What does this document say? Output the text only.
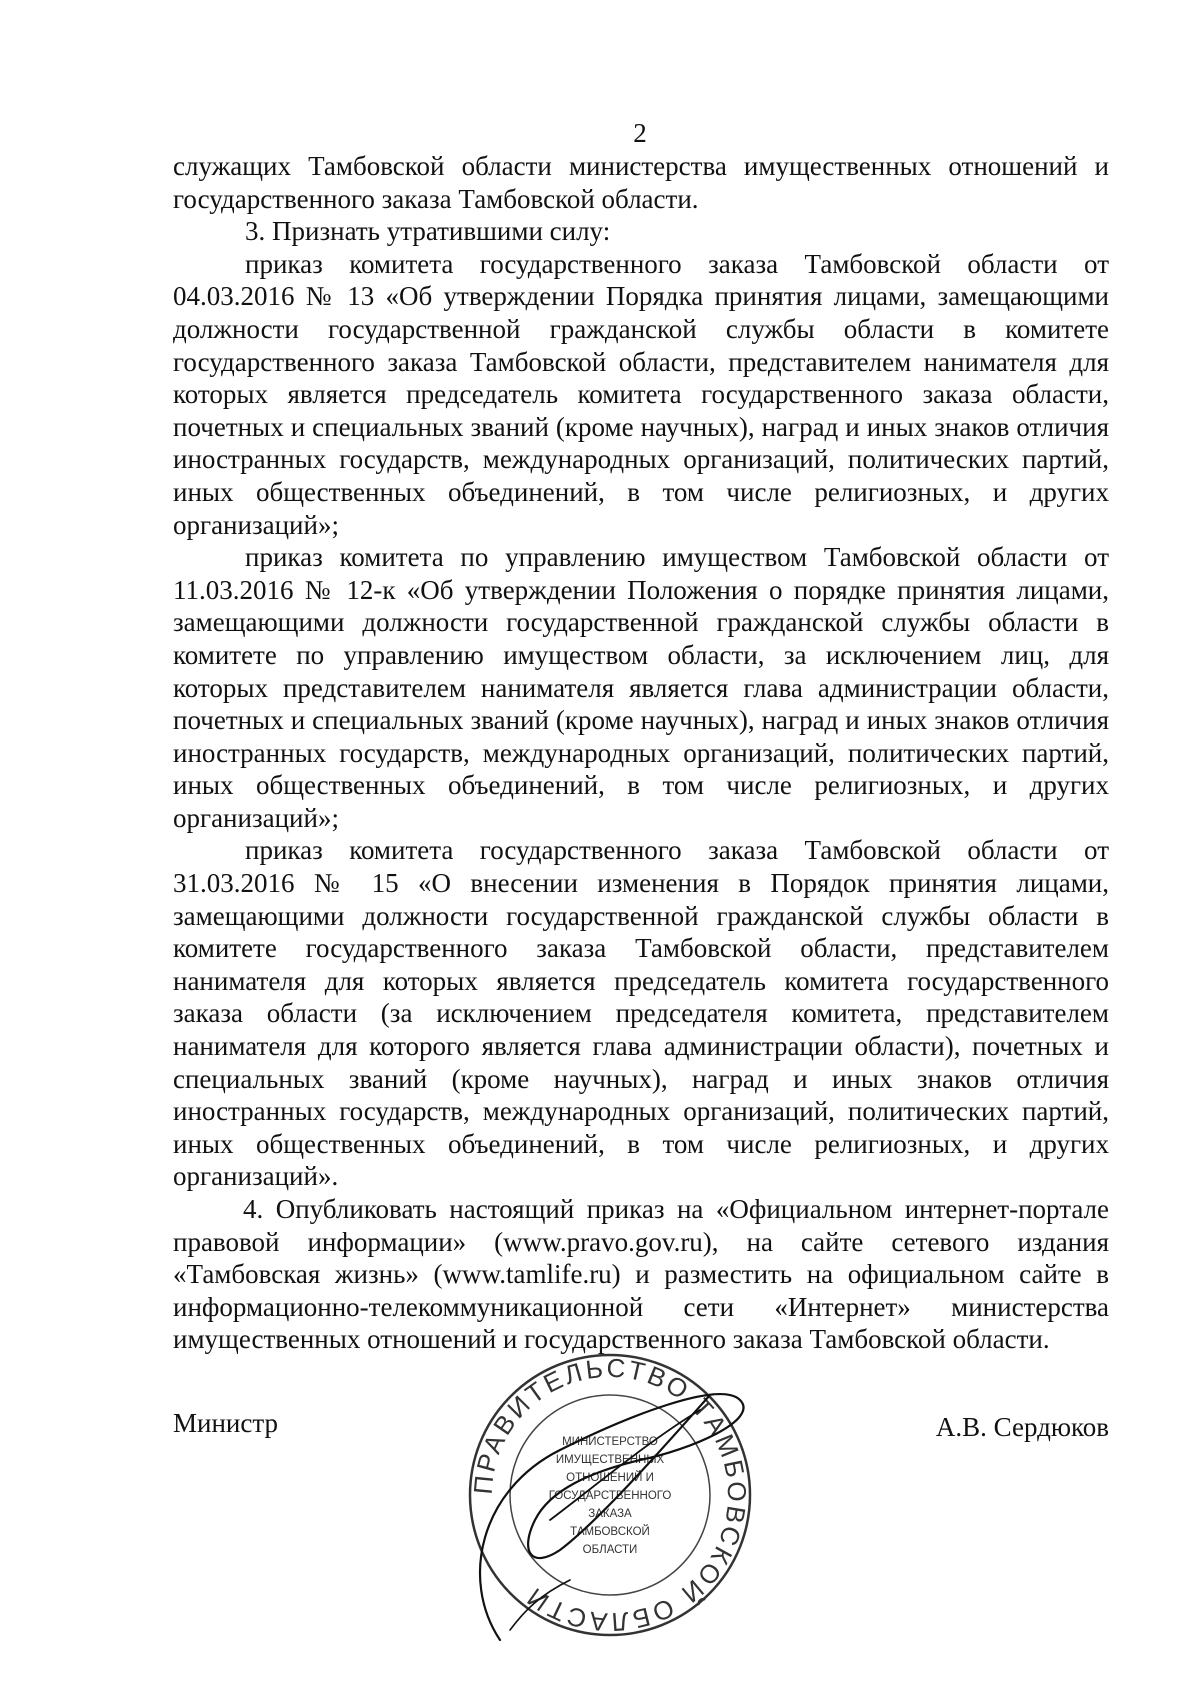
2

служащих Тамбовской области министерства имущественных отношений и государственного заказа Тамбовской области.

3. Признать утратившими силу:

приказ комитета государственного заказа Тамбовской области от 04.03.2016 № 13 «Об утверждении Порядка принятия лицами, замещающими должности государственной гражданской службы области в комитете государственного заказа Тамбовской области, представителем нанимателя для которых является председатель комитета государственного заказа области, почетных и специальных званий (кроме научных), наград и иных знаков отличия иностранных государств, международных организаций, политических партий, иных общественных объединений, в том числе религиозных, и других организаций»;

приказ комитета по управлению имуществом Тамбовской области от 11.03.2016 № 12-к «Об утверждении Положения о порядке принятия лицами, замещающими должности государственной гражданской службы области в комитете по управлению имуществом области, за исключением лиц, для которых представителем нанимателя является глава администрации области, почетных и специальных званий (кроме научных), наград и иных знаков отличия иностранных государств, международных организаций, политических партий, иных общественных объединений, в том числе религиозных, и других организаций»;

приказ комитета государственного заказа Тамбовской области от 31.03.2016 № 15 «О внесении изменения в Порядок принятия лицами, замещающими должности государственной гражданской службы области в комитете государственного заказа Тамбовской области, представителем нанимателя для которых является председатель комитета государственного заказа области (за исключением председателя комитета, представителем нанимателя для которого является глава администрации области), почетных и специальных званий (кроме научных), наград и иных знаков отличия иностранных государств, международных организаций, политических партий, иных общественных объединений, в том числе религиозных, и других организаций».

4. Опубликовать настоящий приказ на «Официальном интернет-портале правовой информации» (www.pravo.gov.ru), на сайте сетевого издания «Тамбовская жизнь» (www.tamlife.ru) и разместить на официальном сайте в информационно-телекоммуникационной сети «Интернет» министерства имущественных отношений и государственного заказа Тамбовской области.

Министр	А.В. Сердюков
ПРАВИТЕЛЬСТВО ТАМБОВСКОЙ ОБЛАСТИ
МИНИСТЕРСТВО
ИМУЩЕСТВЕННЫХ
ОТНОШЕНИЙ И
ГОСУДАРСТВЕННОГО
ЗАКАЗА
ТАМБОВСКОЙ
ОБЛАСТИ
